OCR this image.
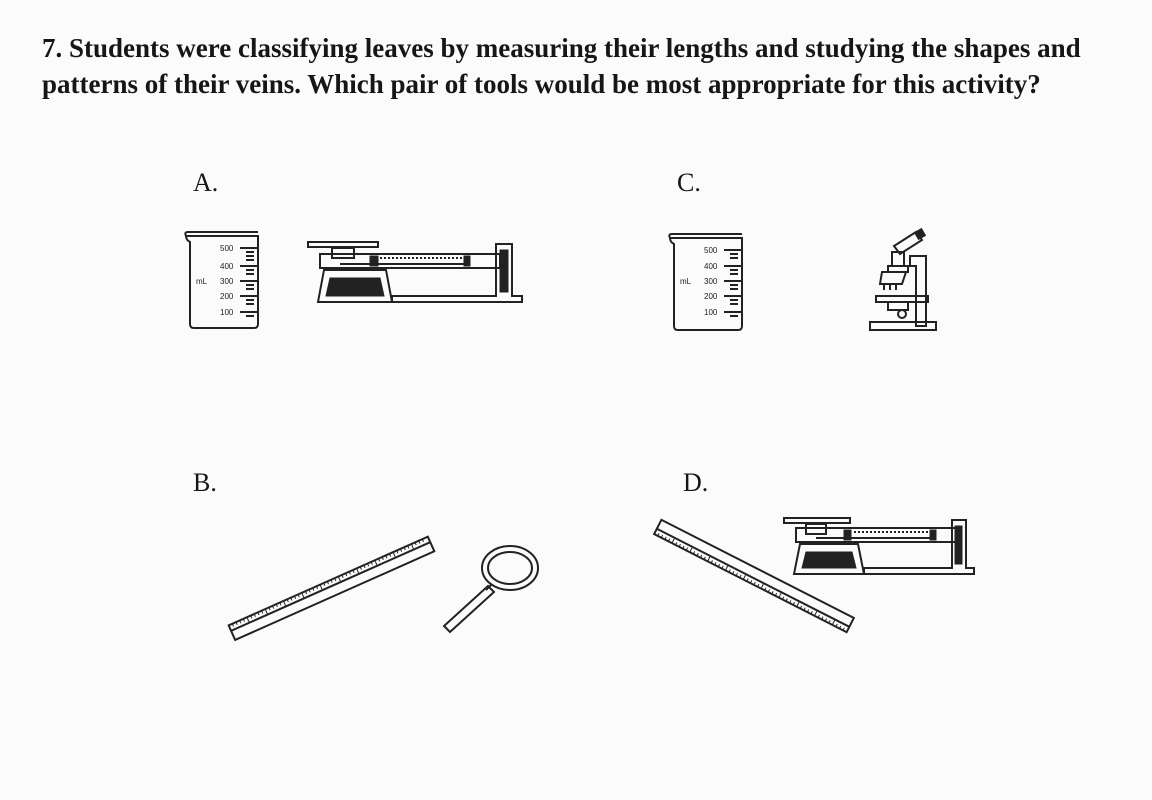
7. Students were classifying leaves by measuring their lengths and studying the shapes and patterns of their veins. Which pair of tools would be most appropriate for this activity?
A.
500
400
300
200
100
mL
C.
500
400
300
200
100
mL
B.	D.
